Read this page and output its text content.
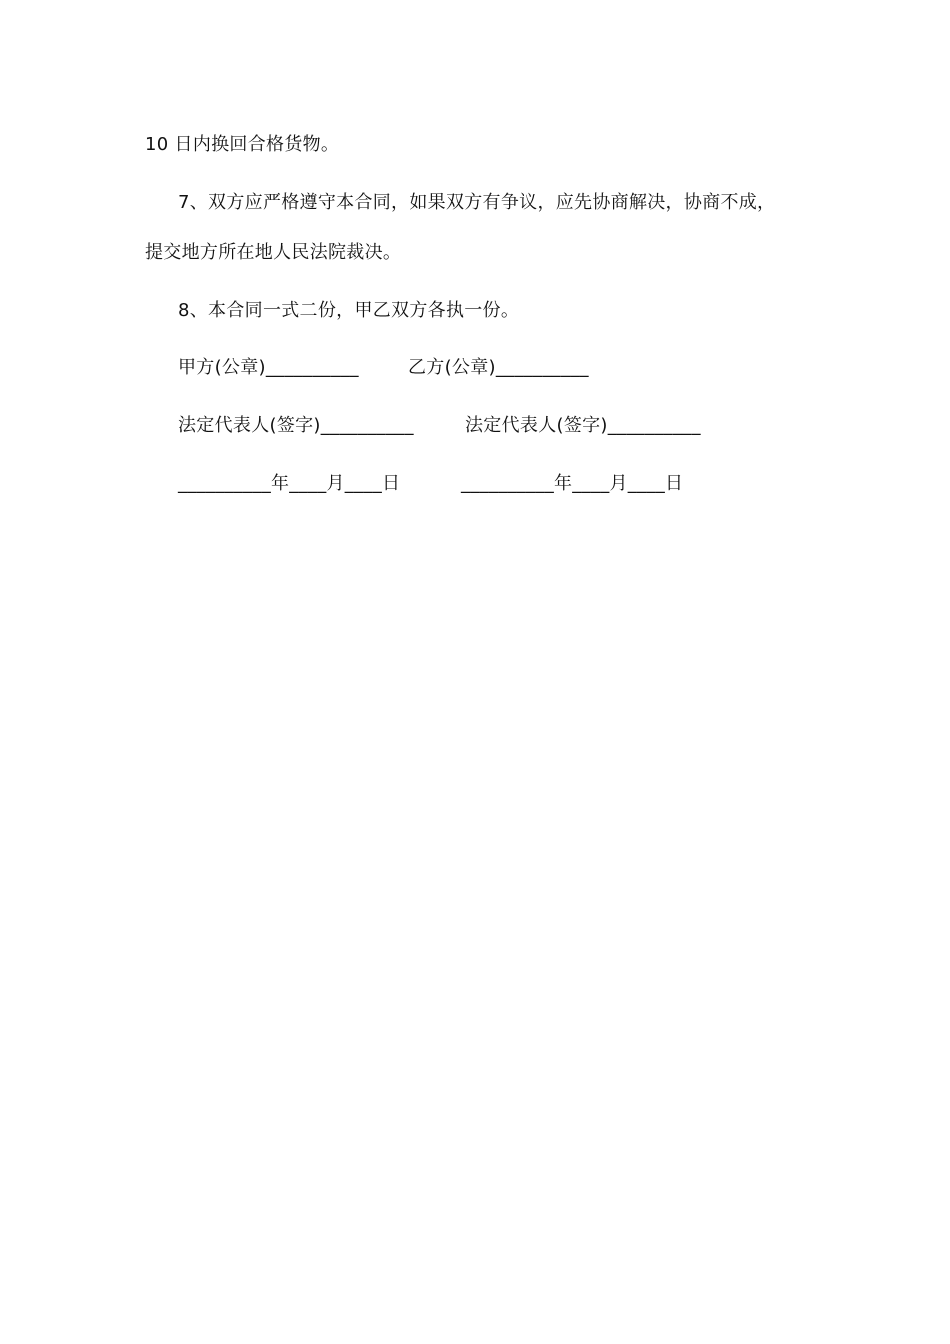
10 日内换回合格货物。
7、双方应严格遵守本合同，如果双方有争议，应先协商解决，协商不成，
提交地方所在地人民法院裁决。
8、本合同一式二份，甲乙双方各执一份。
甲方(公章)__________	乙方(公章)__________
法定代表人(签字)__________	法定代表人(签字)__________
__________年____月____日	__________年____月____日
